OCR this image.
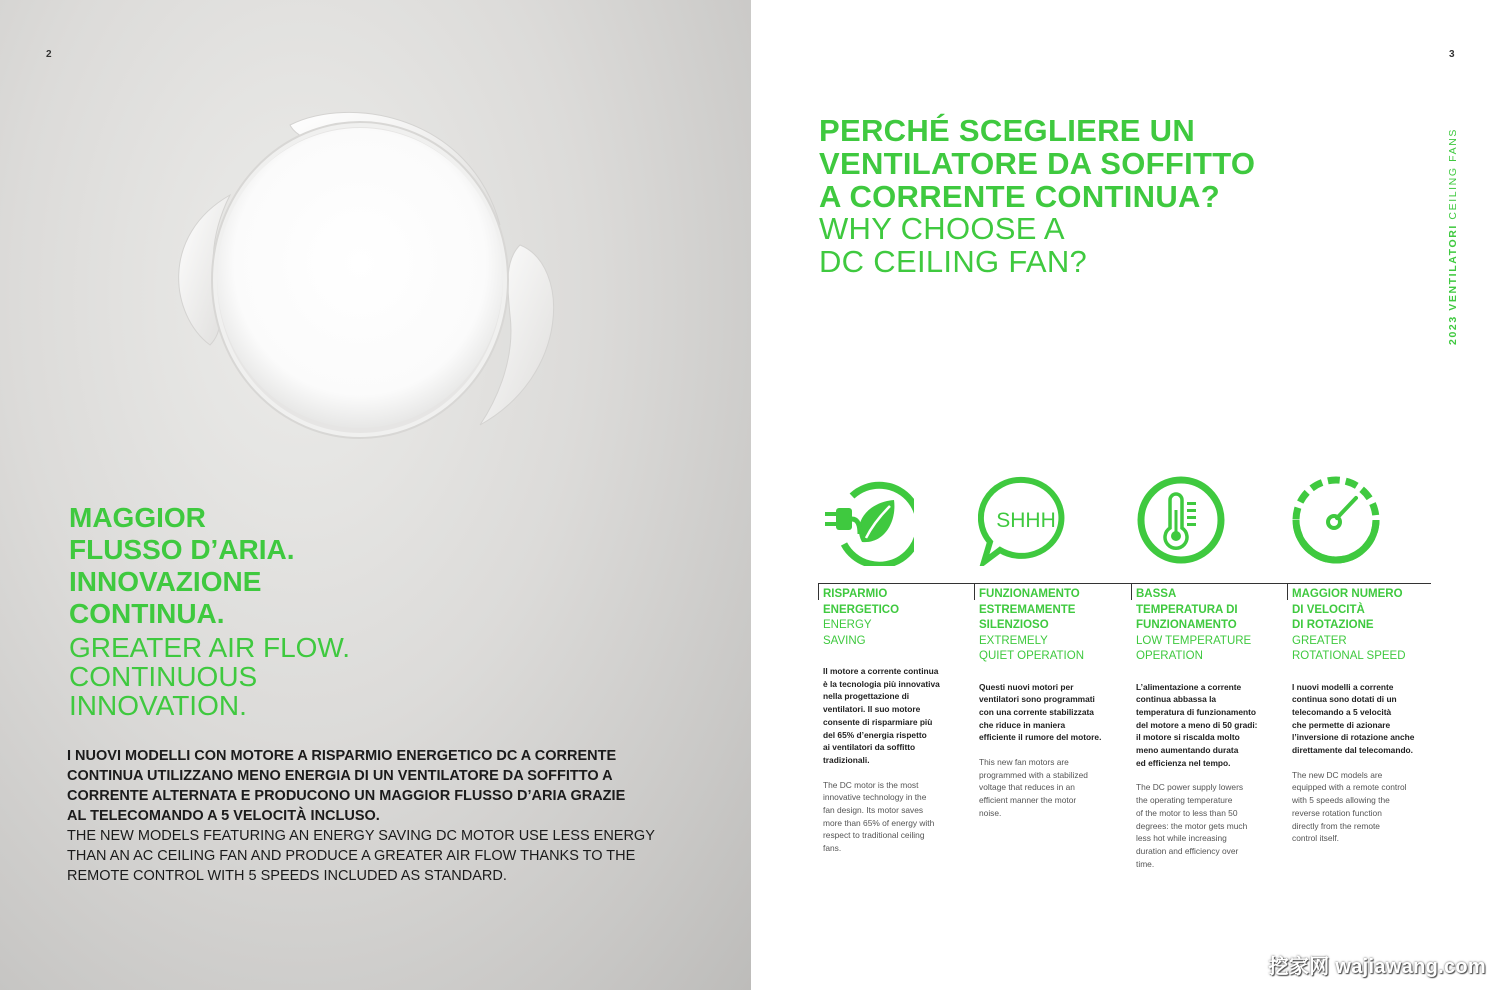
2
MAGGIOR
FLUSSO D’ARIA.
INNOVAZIONE
CONTINUA.
GREATER AIR FLOW.
CONTINUOUS
INNOVATION.
I NUOVI MODELLI CON MOTORE A RISPARMIO ENERGETICO DC A CORRENTE
CONTINUA UTILIZZANO MENO ENERGIA DI UN VENTILATORE DA SOFFITTO A
CORRENTE ALTERNATA E PRODUCONO UN MAGGIOR FLUSSO D’ARIA GRAZIE
AL TELECOMANDO A 5 VELOCITÀ INCLUSO.
THE NEW MODELS FEATURING AN ENERGY SAVING DC MOTOR USE LESS ENERGY
THAN AN AC CEILING FAN AND PRODUCE A GREATER AIR FLOW THANKS TO THE
REMOTE CONTROL WITH 5 SPEEDS INCLUDED AS STANDARD.
3
PERCHÉ SCEGLIERE UN
VENTILATORE DA SOFFITTO
A CORRENTE CONTINUA?
WHY CHOOSE A
DC CEILING FAN?	2023 VENTILATORI CEILING FANS
SHHH
RISPARMIO
ENERGETICO
ENERGY
SAVING
Il motore a corrente continua
è la tecnologia più innovativa
nella progettazione di
ventilatori. Il suo motore
consente di risparmiare più
del 65% d’energia rispetto
ai ventilatori da soffitto
tradizionali.
The DC motor is the most
innovative technology in the
fan design. Its motor saves
more than 65% of energy with
respect to traditional ceiling
fans.
FUNZIONAMENTO
ESTREMAMENTE
SILENZIOSO
EXTREMELY
QUIET OPERATION
Questi nuovi motori per
ventilatori sono programmati
con una corrente stabilizzata
che riduce in maniera
efficiente il rumore del motore.
This new fan motors are
programmed with a stabilized
voltage that reduces in an
efficient manner the motor
noise.
BASSA
TEMPERATURA DI
FUNZIONAMENTO
LOW TEMPERATURE
OPERATION
L’alimentazione a corrente
continua abbassa la
temperatura di funzionamento
del motore a meno di 50 gradi:
il motore si riscalda molto
meno aumentando durata
ed efficienza nel tempo.
The DC power supply lowers
the operating temperature
of the motor to less than 50
degrees: the motor gets much
less hot while increasing
duration and efficiency over
time.
MAGGIOR NUMERO
DI VELOCITÀ
DI ROTAZIONE
GREATER
ROTATIONAL SPEED
I nuovi modelli a corrente
continua sono dotati di un
telecomando a 5 velocità
che permette di azionare
l’inversione di rotazione anche
direttamente dal telecomando.
The new DC models are
equipped with a remote control
with 5 speeds allowing the
reverse rotation function
directly from the remote
control itself.
挖家网 wajiawang.com
